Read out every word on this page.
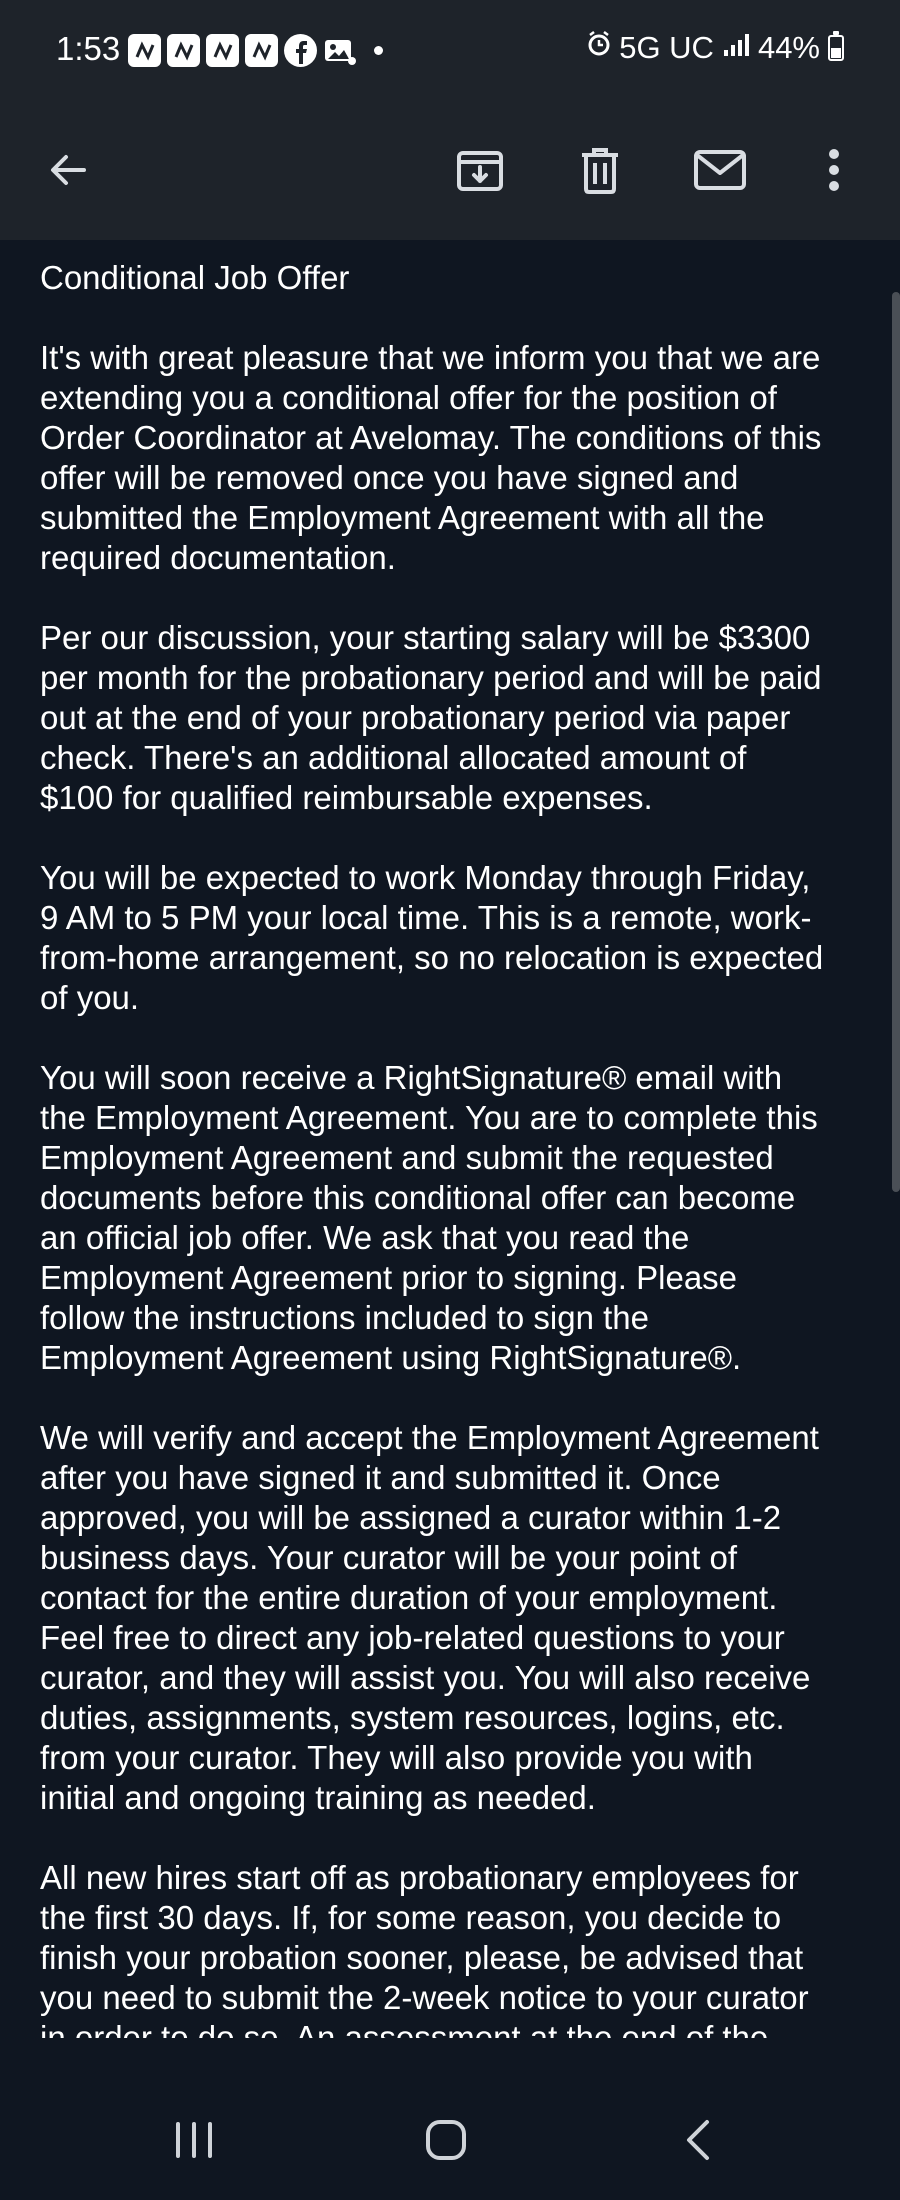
1:53	5G UC 44%
Conditional Job Offer

It's with great pleasure that we inform you that we are
extending you a conditional offer for the position of
Order Coordinator at Avelomay. The conditions of this
offer will be removed once you have signed and
submitted the Employment Agreement with all the
required documentation.

Per our discussion, your starting salary will be $3300
per month for the probationary period and will be paid
out at the end of your probationary period via paper
check. There's an additional allocated amount of
$100 for qualified reimbursable expenses.

You will be expected to work Monday through Friday,
9 AM to 5 PM your local time. This is a remote, work-
from-home arrangement, so no relocation is expected
of you.

You will soon receive a RightSignature® email with
the Employment Agreement. You are to complete this
Employment Agreement and submit the requested
documents before this conditional offer can become
an official job offer. We ask that you read the
Employment Agreement prior to signing. Please
follow the instructions included to sign the
Employment Agreement using RightSignature®.

We will verify and accept the Employment Agreement
after you have signed it and submitted it. Once
approved, you will be assigned a curator within 1-2
business days. Your curator will be your point of
contact for the entire duration of your employment.
Feel free to direct any job-related questions to your
curator, and they will assist you. You will also receive
duties, assignments, system resources, logins, etc.
from your curator. They will also provide you with
initial and ongoing training as needed.

All new hires start off as probationary employees for
the first 30 days. If, for some reason, you decide to
finish your probation sooner, please, be advised that
you need to submit the 2-week notice to your curator
